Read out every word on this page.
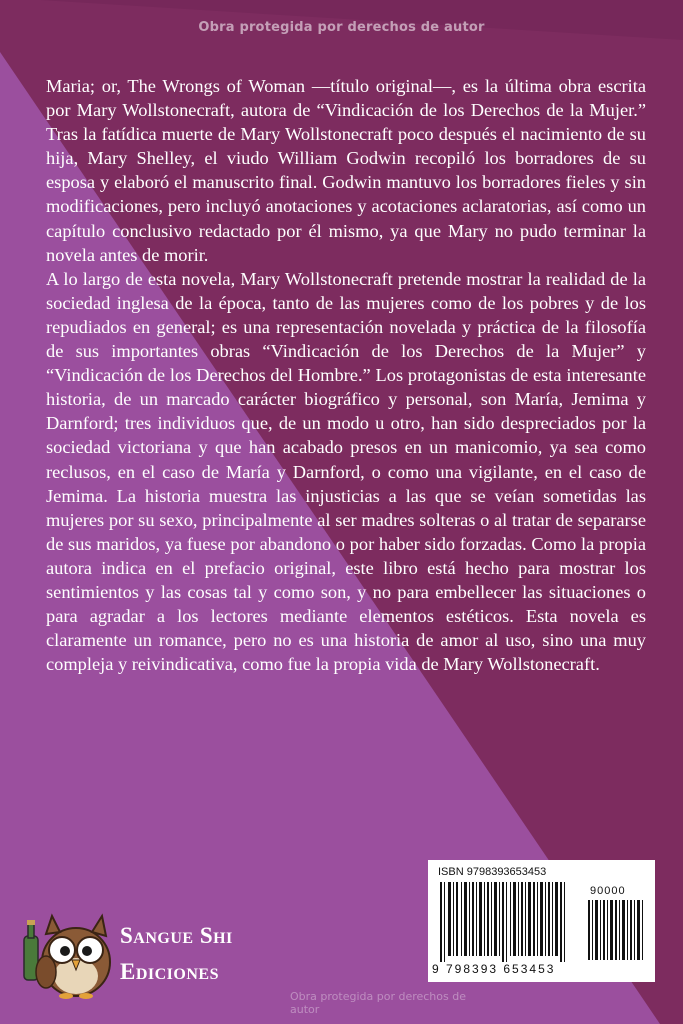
Obra protegida por derechos de autor

Maria; or, The Wrongs of Woman —título original—, es la última obra escrita por Mary Wollstonecraft, autora de “Vindicación de los Derechos de la Mujer.” Tras la fatídica muerte de Mary Wollstonecraft poco después el nacimiento de su hija, Mary Shelley, el viudo William Godwin recopiló los borradores de su esposa y elaboró el manuscrito final. Godwin mantuvo los borradores fieles y sin modificaciones, pero incluyó anotaciones y acotaciones aclaratorias, así como un capítulo conclusivo redactado por él mismo, ya que Mary no pudo terminar la novela antes de morir.

A lo largo de esta novela, Mary Wollstonecraft pretende mostrar la realidad de la sociedad inglesa de la época, tanto de las mujeres como de los pobres y de los repudiados en general; es una representación novelada y práctica de la filosofía de sus importantes obras “Vindicación de los Derechos de la Mujer” y “Vindicación de los Derechos del Hombre.” Los protagonistas de esta interesante historia, de un marcado carácter biográfico y personal, son María, Jemima y Darnford; tres individuos que, de un modo u otro, han sido despreciados por la sociedad victoriana y que han acabado presos en un manicomio, ya sea como reclusos, en el caso de María y Darnford, o como una vigilante, en el caso de Jemima. La historia muestra las injusticias a las que se veían sometidas las mujeres por su sexo, principalmente al ser madres solteras o al tratar de separarse de sus maridos, ya fuese por abandono o por haber sido forzadas. Como la propia autora indica en el prefacio original, este libro está hecho para mostrar los sentimientos y las cosas tal y como son, y no para embellecer las situaciones o para agradar a los lectores mediante elementos estéticos. Esta novela es claramente un romance, pero no es una historia de amor al uso, sino una muy compleja y reivindicativa, como fue la propia vida de Mary Wollstonecraft.

Sangue Shi
Ediciones
ISBN 9798393653453
90000
9 798393 653453
Obra protegida por derechos de autor
